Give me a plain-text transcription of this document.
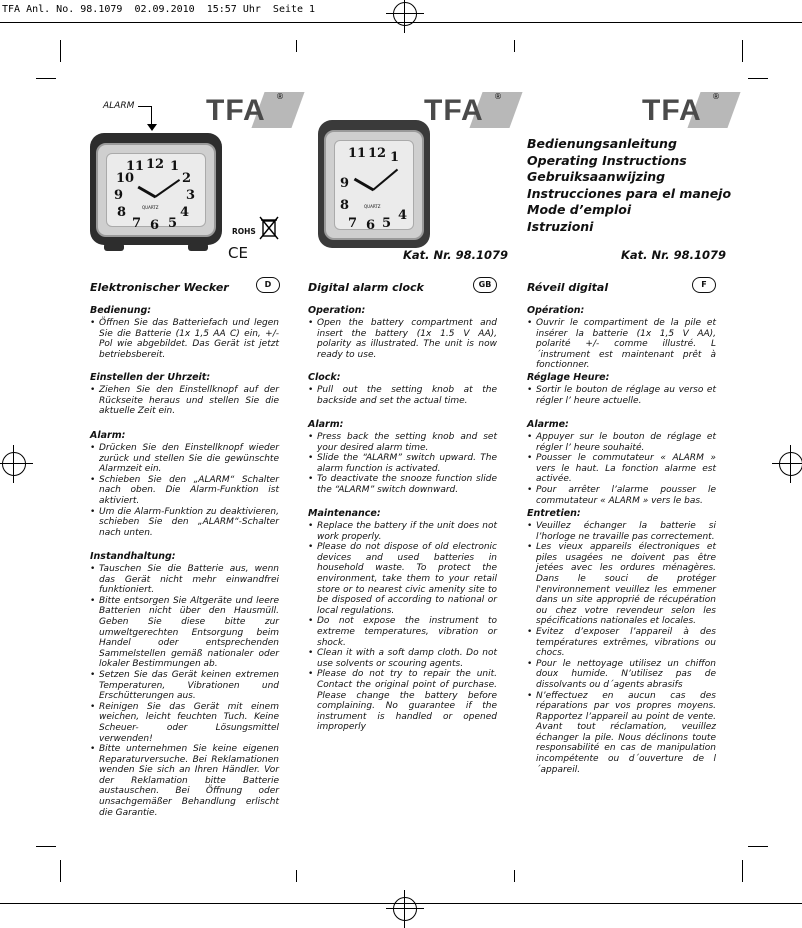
TFA Anl. No. 98.1079  02.09.2010  15:57 Uhr  Seite 1
ALARM TFA ®
12 1
2
3
4
5
6
7
8
9
10
11
QUARTZ
ROHS
CE
TFA ®
11 12 1
9
8
7 6 5
4
QUARTZ
Kat. Nr. 98.1079
TFA ®
Bedienungsanleitung
Operating Instructions
Gebruiksaanwijzing
Instrucciones para el manejo
Mode d’emploi
Istruzioni
Kat. Nr. 98.1079
Elektronischer Wecker	D
Bedienung:

• Öffnen Sie das Batteriefach und legen Sie die Batterie (1x 1,5 AA C) ein, +/-Pol wie abgebildet. Das Gerät ist jetzt betriebsbereit.

Einstellen der Uhrzeit:

• Ziehen Sie den Einstellknopf auf der Rückseite heraus und stellen Sie die aktuelle Zeit ein.

Alarm:

• Drücken Sie den Einstellknopf wieder zurück und stellen Sie die gewünschte Alarmzeit ein.

• Schieben Sie den „ALARM“ Schalter nach oben. Die Alarm-Funktion ist aktiviert.

• Um die Alarm-Funktion zu deaktivieren, schieben Sie den „ALARM“-Schalter nach unten.

Instandhaltung:

• Tauschen Sie die Batterie aus, wenn das Gerät nicht mehr einwandfrei funktioniert.

• Bitte entsorgen Sie Altgeräte und leere Batterien nicht über den Hausmüll. Geben Sie diese bitte zur umweltgerechten Entsorgung beim Handel oder entsprechenden Sammelstellen gemäß nationaler oder lokaler Bestimmungen ab.

• Setzen Sie das Gerät keinen extremen Temperaturen, Vibrationen und Erschütterungen aus.

• Reinigen Sie das Gerät mit einem weichen, leicht feuchten Tuch. Keine Scheuer- oder Lösungsmittel verwenden!

• Bitte unternehmen Sie keine eigenen Reparaturversuche. Bei Reklamationen wenden Sie sich an Ihren Händler. Vor der Reklamation bitte Batterie austauschen. Bei Öffnung oder unsachgemäßer Behandlung erlischt die Garantie.

Digital alarm clock	GB
Operation:

• Open the battery compartment and insert the battery (1x 1.5 V AA), polarity as illustrated. The unit is now ready to use.

Clock:

• Pull out the setting knob at the backside and set the actual time.

Alarm:

• Press back the setting knob and set your desired alarm time.

• Slide the “ALARM” switch upward. The alarm function is activated.

• To deactivate the snooze function slide the “ALARM” switch downward.

Maintenance:

• Replace the battery if the unit does not work properly.

• Please do not dispose of old electronic devices and used batteries in household waste. To protect the environment, take them to your retail store or to nearest civic amenity site to be disposed of according to national or local regulations.

• Do not expose the instrument to extreme temperatures, vibration or shock.

• Clean it with a soft damp cloth. Do not use solvents or scouring agents.

• Please do not try to repair the unit. Contact the original point of purchase. Please change the battery before complaining. No guarantee if the instrument is handled or opened improperly

Réveil digital	F
Opération:

• Ouvrir le compartiment de la pile et insérer la batterie (1x 1,5 V AA), polarité +/- comme illustré. L´instrument est maintenant prêt à fonctionner.

Réglage Heure:

• Sortir le bouton de réglage au verso et régler l’ heure actuelle.

Alarme:

• Appuyer sur le bouton de réglage et régler l’ heure souhaité.

• Pousser le commutateur « ALARM » vers le haut. La fonction alarme est activée.

• Pour arrêter l’alarme pousser le commutateur « ALARM » vers le bas.

Entretien:

• Veuillez échanger la batterie si l’horloge ne travaille pas correctement.

• Les vieux appareils électroniques et piles usagées ne doivent pas être jetées avec les ordures ménagères. Dans le souci de protéger l'environnement veuillez les emmener dans un site approprié de récupération ou chez votre revendeur selon les spécifications nationales et locales.

• Evitez d’exposer l’appareil à des températures extrêmes, vibrations ou chocs.

• Pour le nettoyage utilisez un chiffon doux humide. N’utilisez pas de dissolvants ou d´agents abrasifs

• N’effectuez en aucun cas des réparations par vos propres moyens. Rapportez l’appareil au point de vente. Avant tout réclamation, veuillez échanger la pile. Nous déclinons toute responsabilité en cas de manipulation incompétente ou d´ouverture de l´appareil.
